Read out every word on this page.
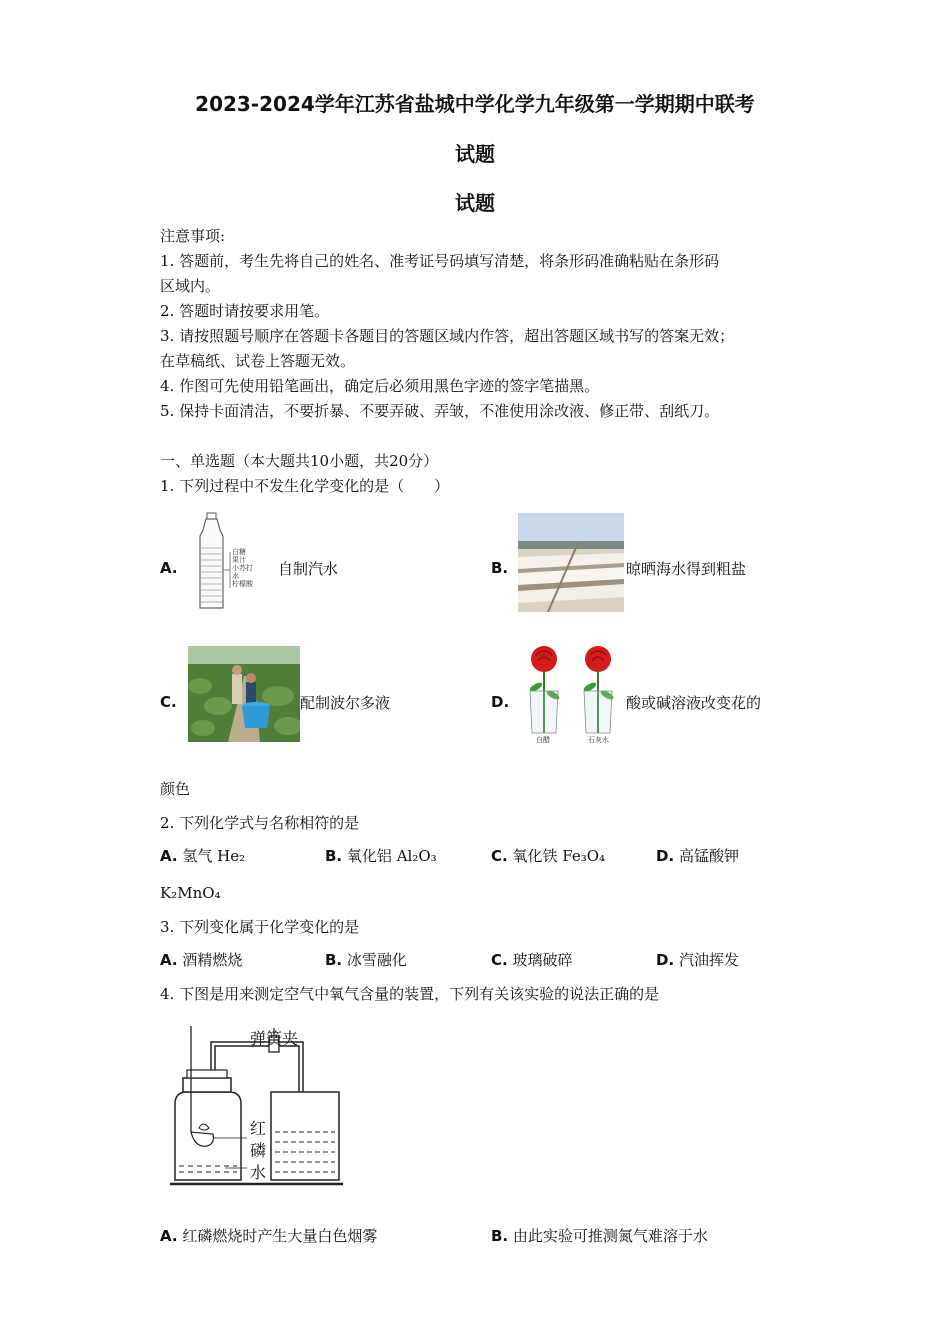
2023-2024学年江苏省盐城中学化学九年级第一学期期中联考
试题
试题
注意事项:
1. 答题前，考生先将自己的姓名、准考证号码填写清楚，将条形码准确粘贴在条形码
区域内。
2. 答题时请按要求用笔。
3. 请按照题号顺序在答题卡各题目的答题区域内作答，超出答题区域书写的答案无效；
在草稿纸、试卷上答题无效。
4. 作图可先使用铅笔画出，确定后必须用黑色字迹的签字笔描黑。
5. 保持卡面清洁，不要折暴、不要弄破、弄皱，不准使用涂改液、修正带、刮纸刀。
一、单选题（本大题共10小题，共20分）
1. 下列过程中不发生化学变化的是（　　）
A.
白糖
果汁
小苏打
水
柠檬酸
自制汽水	B.	晾晒海水得到粗盐
C.	配制波尔多液	D.
白醋	石灰水
酸或碱溶液改变花的
颜色
2. 下列化学式与名称相符的是
A. 氢气 He₂	B. 氧化铝 Al₂O₃	C. 氧化铁 Fe₃O₄	D. 高锰酸钾
K₂MnO₄
3. 下列变化属于化学变化的是
A. 酒精燃烧	B. 冰雪融化	C. 玻璃破碎	D. 汽油挥发
4. 下图是用来测定空气中氧气含量的装置，下列有关该实验的说法正确的是
弹簧夹
红磷
水
A. 红磷燃烧时产生大量白色烟雾	B. 由此实验可推测氮气难溶于水
